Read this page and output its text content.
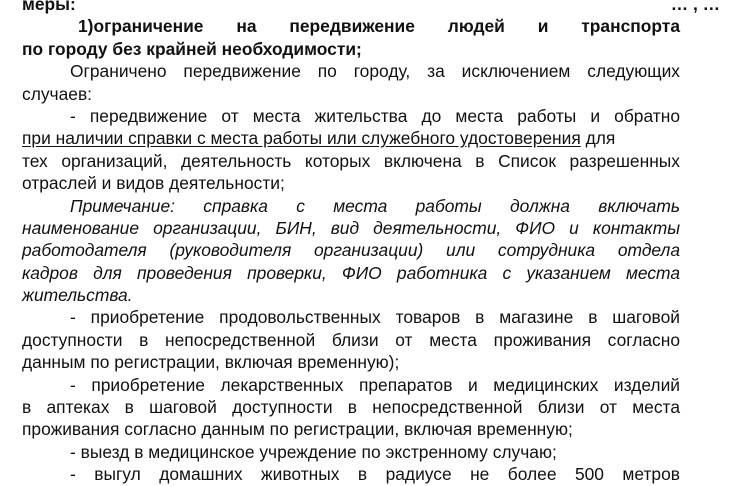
меры:	… , …
1)ограничение на передвижение людей и транспорта
по городу без крайней необходимости;
Ограничено передвижение по городу, за исключением следующих
случаев:
- передвижение от места жительства до места работы и обратно
при наличии справки с места работы или служебного удостоверения для
тех организаций, деятельность которых включена в Список разрешенных
отраслей и видов деятельности;
Примечание: справка с места работы должна включать
наименование организации, БИН, вид деятельности, ФИО и контакты
работодателя (руководителя организации) или сотрудника отдела
кадров для проведения проверки, ФИО работника с указанием места
жительства.
- приобретение продовольственных товаров в магазине в шаговой
доступности в непосредственной близи от места проживания согласно
данным по регистрации, включая временную);
- приобретение лекарственных препаратов и медицинских изделий
в аптеках в шаговой доступности в непосредственной близи от места
проживания согласно данным по регистрации, включая временную;
- выезд в медицинское учреждение по экстренному случаю;
- выгул домашних животных в радиусе не более 500 метров
